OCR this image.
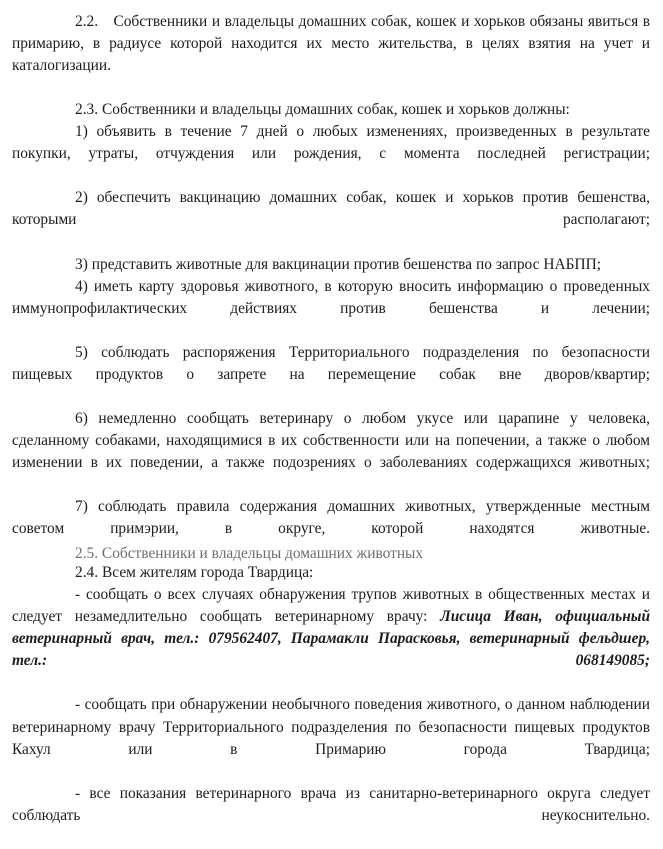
2.2. Собственники и владельцы домашних собак, кошек и хорьков обязаны явиться в примарию, в радиусе которой находится их место жительства, в целях взятия на учет и каталогизации.

2.3. Собственники и владельцы домашних собак, кошек и хорьков должны:

1) объявить в течение 7 дней о любых изменениях, произведенных в результате покупки, утраты, отчуждения или рождения, с момента последней регистрации;

2) обеспечить вакцинацию домашних собак, кошек и хорьков против бешенства, которыми располагают;

3) представить животные для вакцинации против бешенства по запрос НАБПП;

4) иметь карту здоровья животного, в которую вносить информацию о проведенных иммунопрофилактических действиях против бешенства и лечении;

5) соблюдать распоряжения Территориального подразделения по безопасности пищевых продуктов о запрете на перемещение собак вне дворов/квартир;

6) немедленно сообщать ветеринару о любом укусе или царапине у человека, сделанному собаками, находящимися в их собственности или на попечении, а также о любом изменении в их поведении, а также подозрениях о заболеваниях содержащихся животных;

7) соблюдать правила содержания домашних животных, утвержденные местным советом примэрии, в округе, которой находятся животные.

2.4. Всем жителям города Твардица:

- сообщать о всех случаях обнаружения трупов животных в общественных местах и следует незамедлительно сообщать ветеринарному врачу: Лисица Иван, официальный ветеринарный врач, тел.: 079562407, Парамакли Парасковья, ветеринарный фельдшер, тел.: 068149085;

- сообщать при обнаружении необычного поведения животного, о данном наблюдении ветеринарному врачу Территориального подразделения по безопасности пищевых продуктов Кахул или в Примарию города Твардица;

- все показания ветеринарного врача из санитарно-ветеринарного округа следует соблюдать неукоснительно.

2.5. Собственники и владельцы домашних животных
